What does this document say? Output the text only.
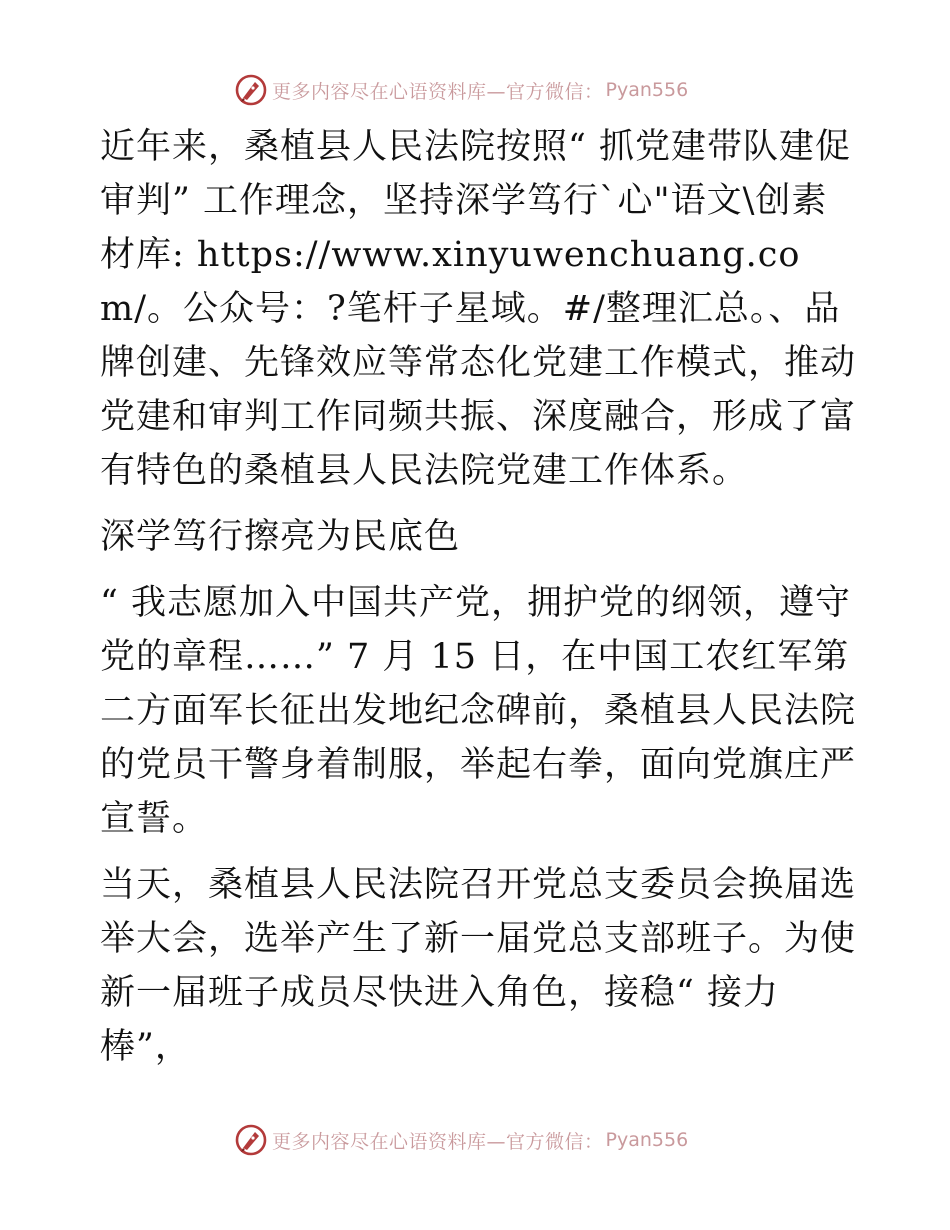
更多内容尽在心语资料库—官方微信： Pyan556

近年来，桑植县人民法院按照“ 抓党建带队建促审判” 工作理念，坚持深学笃行`心"语文\创素材库: https://www.xinyuwenchuang.com/。公众号：?笔杆子星域。#/整理汇总。、品牌创建、先锋效应等常态化党建工作模式，推动党建和审判工作同频共振、深度融合，形成了富有特色的桑植县人民法院党建工作体系。

深学笃行擦亮为民底色

“ 我志愿加入中国共产党，拥护党的纲领，遵守党的章程……” 7 月 15 日，在中国工农红军第二方面军长征出发地纪念碑前，桑植县人民法院的党员干警身着制服，举起右拳，面向党旗庄严宣誓。

当天，桑植县人民法院召开党总支委员会换届选举大会，选举产生了新一届党总支部班子。为使新一届班子成员尽快进入角色，接稳“ 接力棒”，

更多内容尽在心语资料库—官方微信： Pyan556
